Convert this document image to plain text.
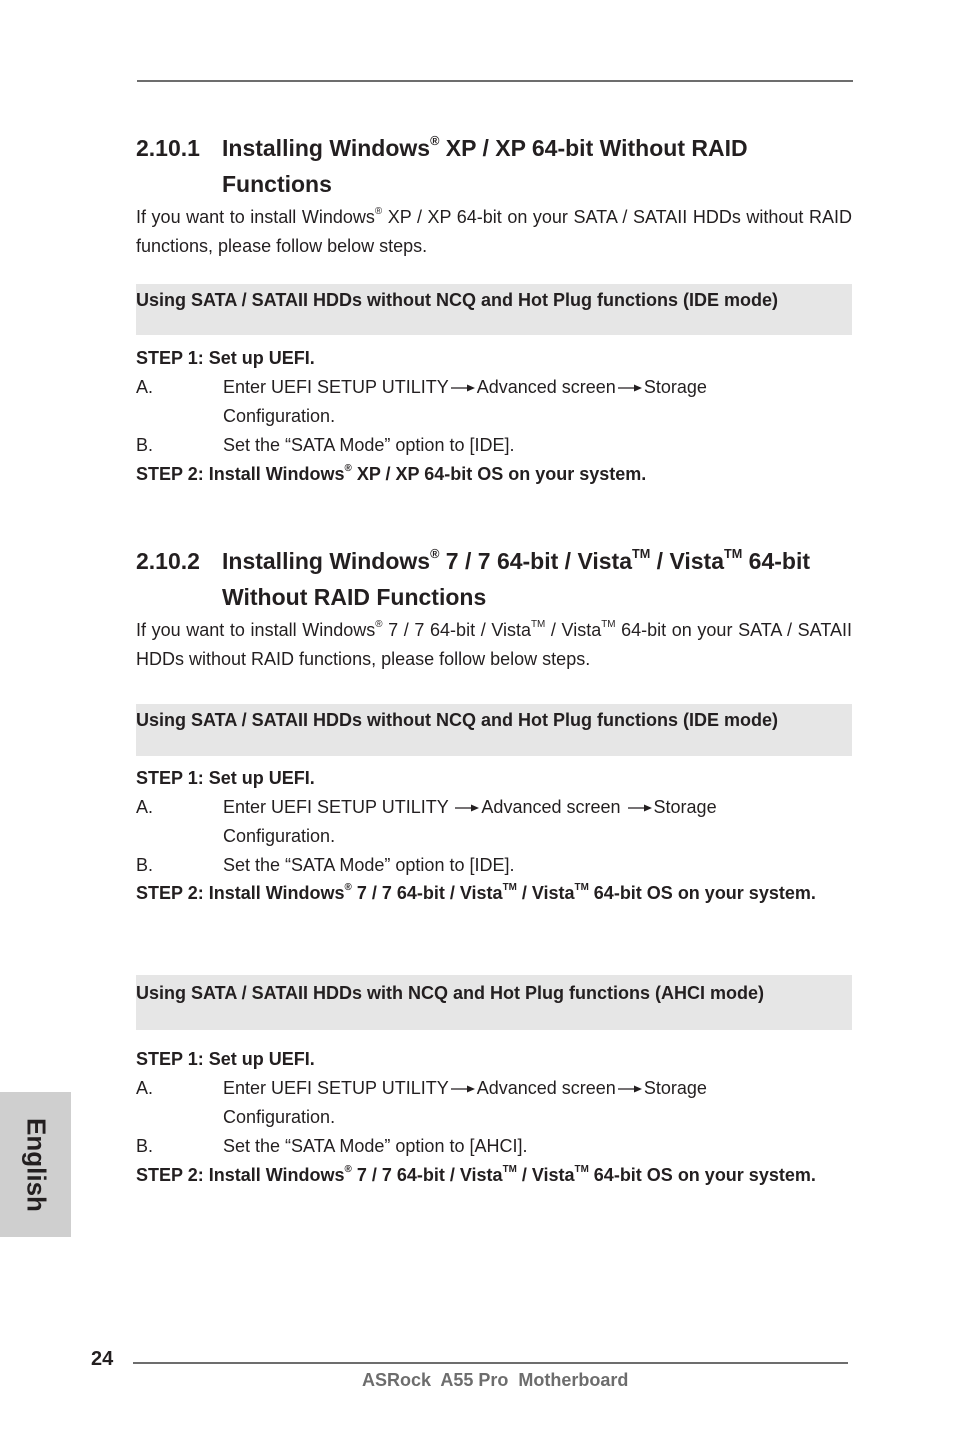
2.10.1 Installing Windows® XP / XP 64-bit Without RAID Functions
If you want to install Windows® XP / XP 64-bit on your SATA / SATAII HDDs without RAID functions, please follow below steps.
Using SATA / SATAII HDDs without NCQ and Hot Plug functions (IDE mode)
STEP 1: Set up UEFI.
A.	Enter UEFI SETUP UTILITY Advanced screen Storage Configuration.
B.	Set the “SATA Mode” option to [IDE].
STEP 2: Install Windows® XP / XP 64-bit OS on your system.
2.10.2 Installing Windows® 7 / 7 64-bit / Vista™ / Vista™ 64-bit Without RAID Functions
If you want to install Windows® 7 / 7 64-bit / Vista™ / Vista™ 64-bit on your SATA / SATAII HDDs without RAID functions, please follow below steps.
Using SATA / SATAII HDDs without NCQ and Hot Plug functions (IDE mode)
STEP 1: Set up UEFI.
A.	Enter UEFI SETUP UTILITY Advanced screen Storage Configuration.
B.	Set the “SATA Mode” option to [IDE].
STEP 2: Install Windows® 7 / 7 64-bit / Vista™ / Vista™ 64-bit OS on your system.
Using SATA / SATAII HDDs with NCQ and Hot Plug functions (AHCI mode)
STEP 1: Set up UEFI.
A.	Enter UEFI SETUP UTILITY Advanced screen Storage Configuration.
B.	Set the “SATA Mode” option to [AHCI].
STEP 2: Install Windows® 7 / 7 64-bit / Vista™ / Vista™ 64-bit OS on your system.
English
24
ASRock  A55 Pro  Motherboard
